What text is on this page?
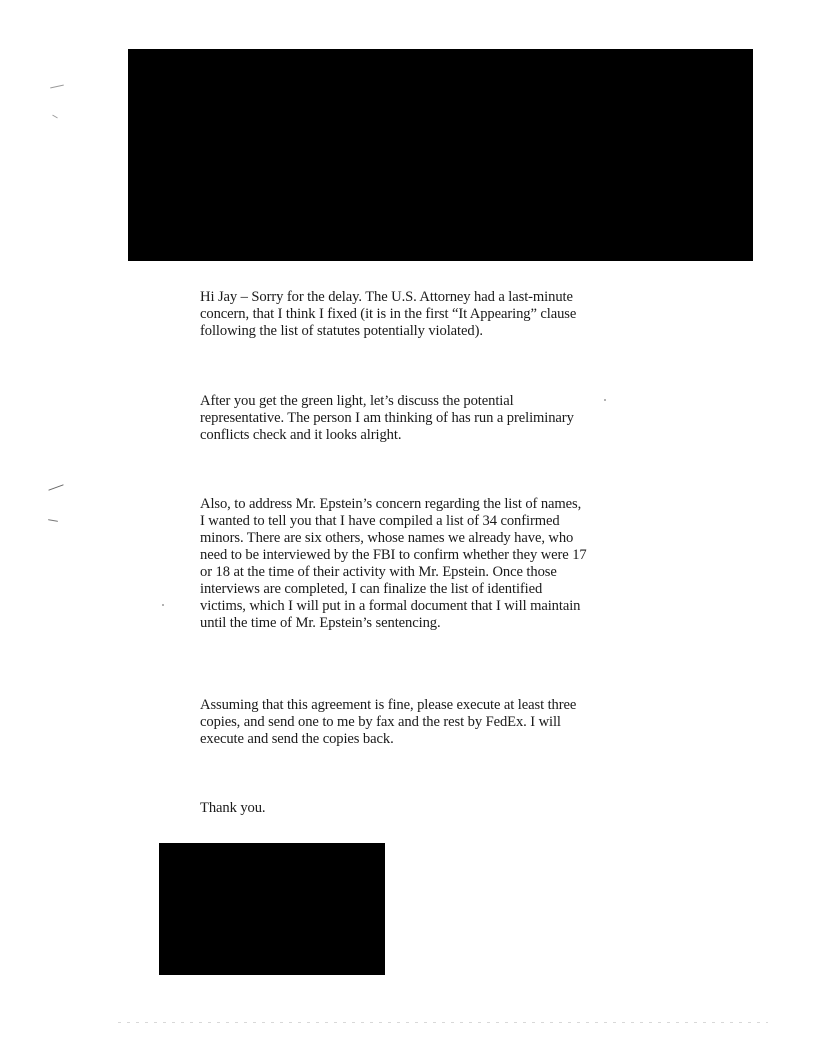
Hi Jay – Sorry for the delay. The U.S. Attorney had a last-minute
concern, that I think I fixed (it is in the first “It Appearing” clause
following the list of statutes potentially violated).

After you get the green light, let’s discuss the potential
representative. The person I am thinking of has run a preliminary
conflicts check and it looks alright.

Also, to address Mr. Epstein’s concern regarding the list of names,
I wanted to tell you that I have compiled a list of 34 confirmed
minors. There are six others, whose names we already have, who
need to be interviewed by the FBI to confirm whether they were 17
or 18 at the time of their activity with Mr. Epstein. Once those
interviews are completed, I can finalize the list of identified
victims, which I will put in a formal document that I will maintain
until the time of Mr. Epstein’s sentencing.

Assuming that this agreement is fine, please execute at least three
copies, and send one to me by fax and the rest by FedEx. I will
execute and send the copies back.

Thank you.
